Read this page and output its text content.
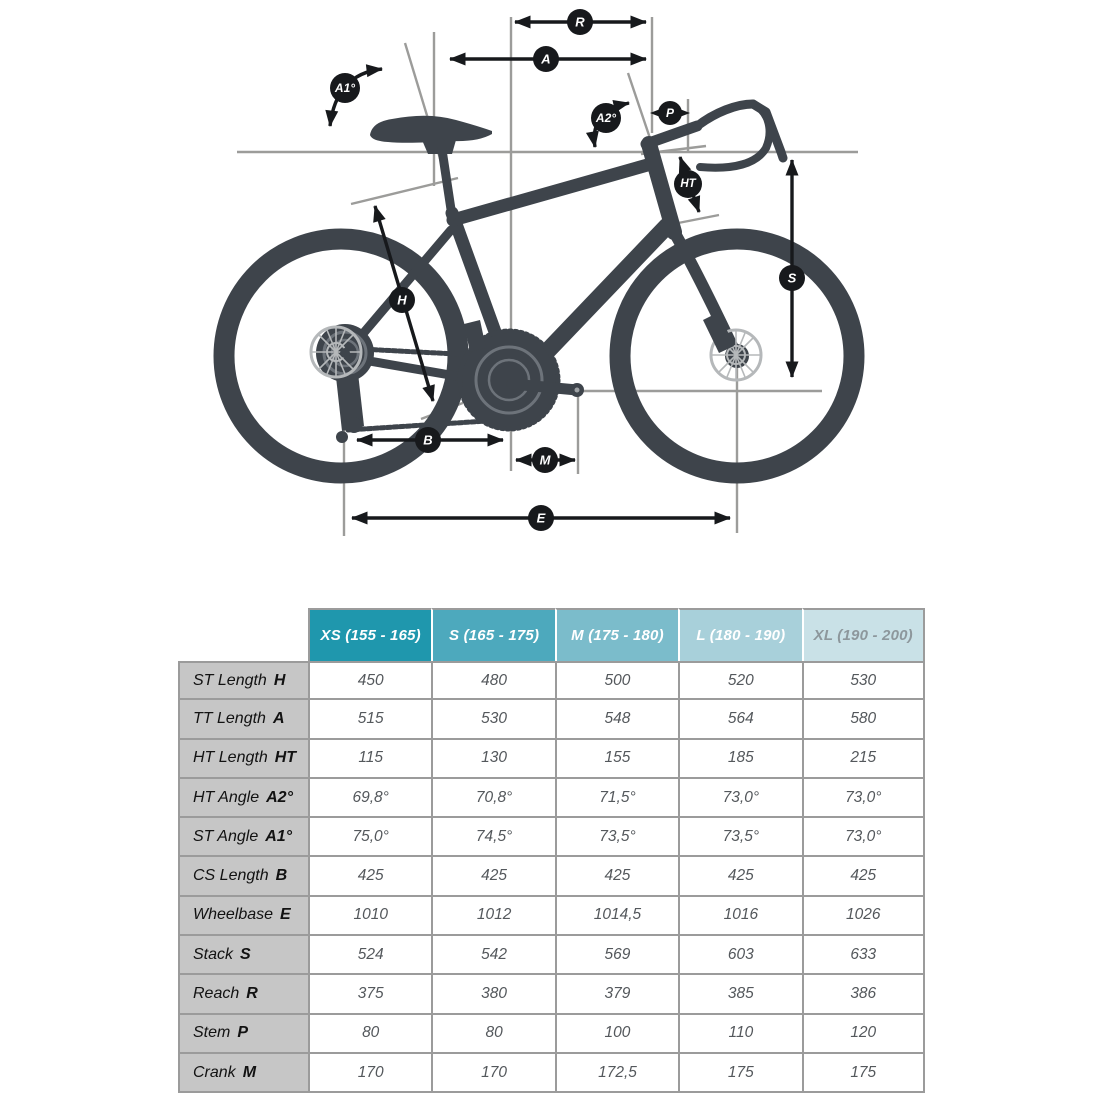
R
A
A1°
A2°	P
HT
S
H
B
M
E
XS (155 - 165)	S (165 - 175)	M (175 - 180)	L (180 - 190)	XL (190 - 200)
ST Length H	450	480	500	520	530
TT Length A	515	530	548	564	580
HT Length HT	115	130	155	185	215
HT Angle A2°	69,8°	70,8°	71,5°	73,0°	73,0°
ST Angle A1°	75,0°	74,5°	73,5°	73,5°	73,0°
CS Length B	425	425	425	425	425
Wheelbase E	1010	1012	1014,5	1016	1026
Stack S	524	542	569	603	633
Reach R	375	380	379	385	386
Stem P	80	80	100	110	120
Crank M	170	170	172,5	175	175
